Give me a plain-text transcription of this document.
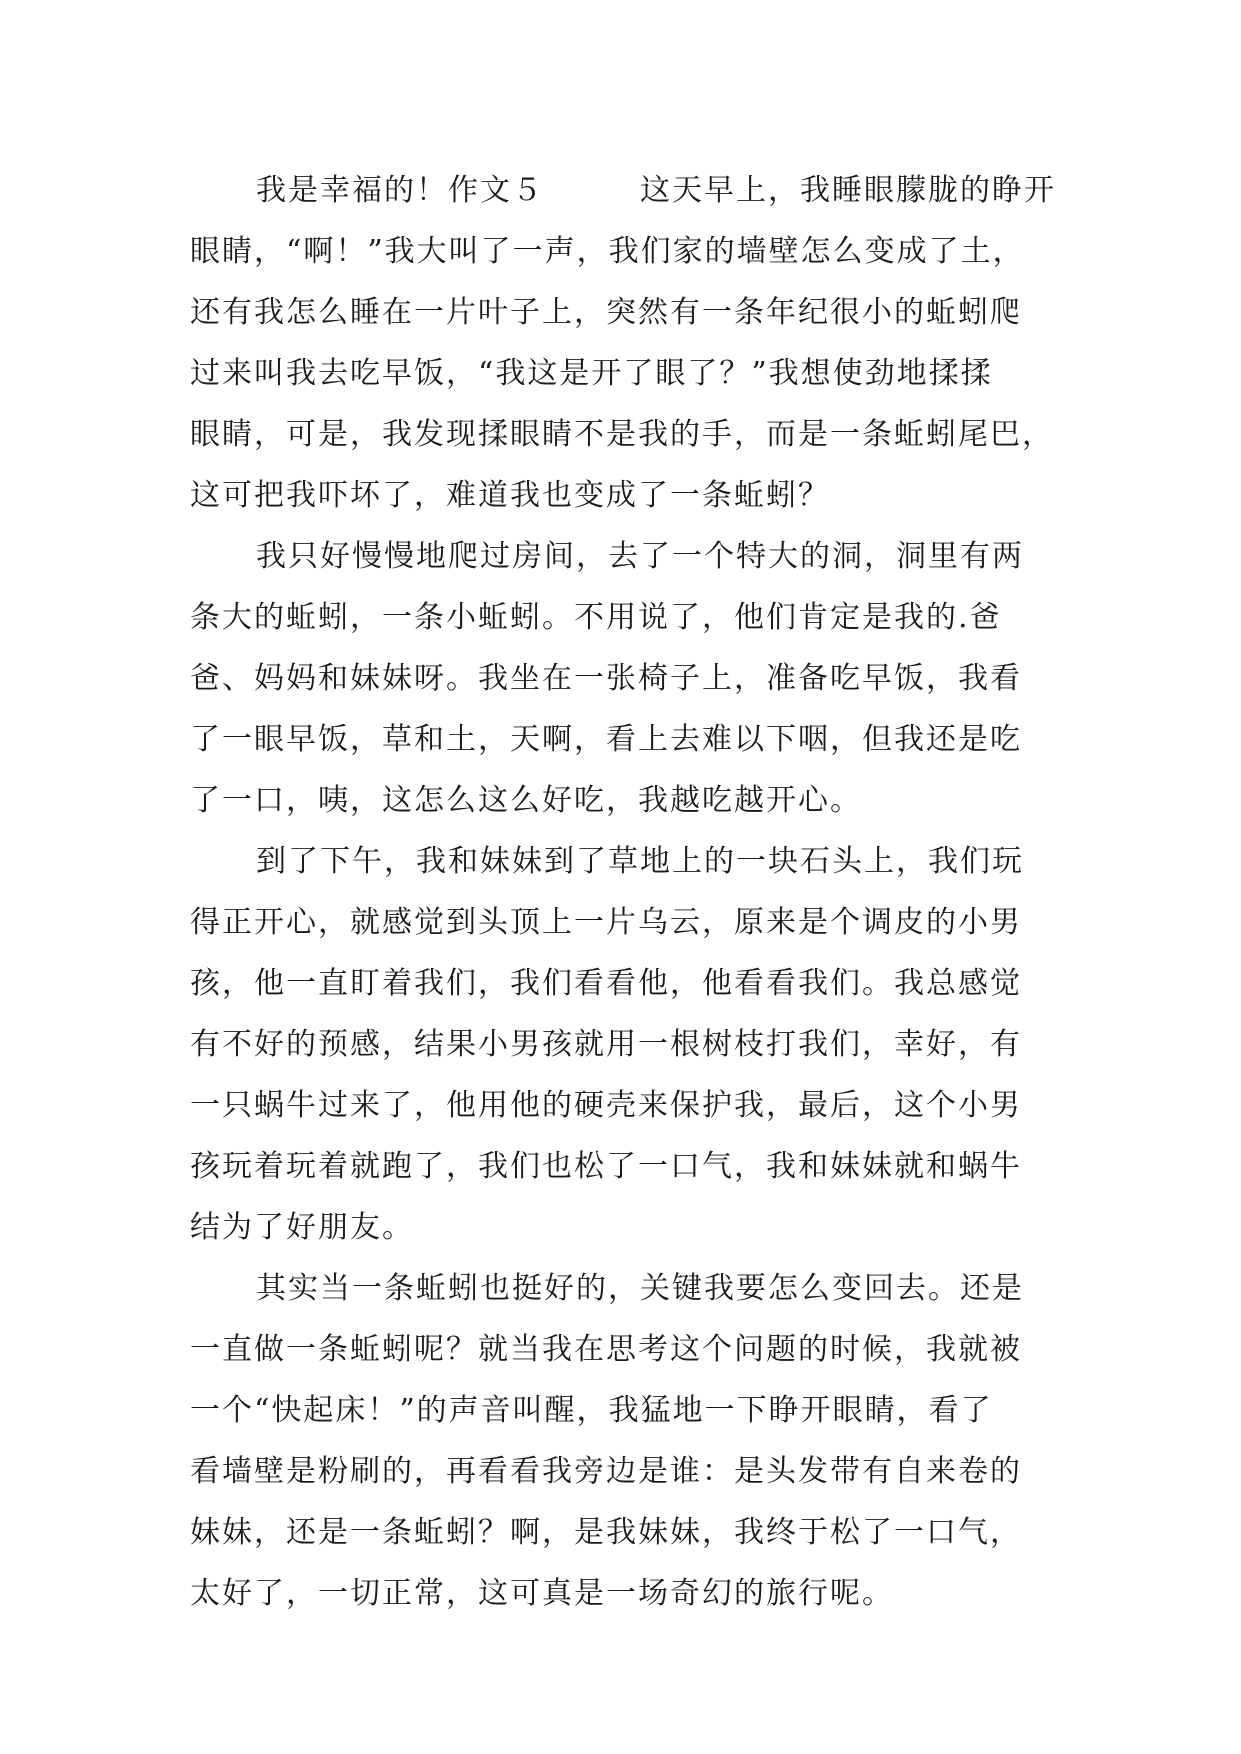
我是幸福的！作文５　　　这天早上，我睡眼朦胧的睁开
眼睛，“啊！”我大叫了一声，我们家的墙壁怎么变成了土，
还有我怎么睡在一片叶子上，突然有一条年纪很小的蚯蚓爬
过来叫我去吃早饭，“我这是开了眼了？”我想使劲地揉揉
眼睛，可是，我发现揉眼睛不是我的手，而是一条蚯蚓尾巴，
这可把我吓坏了，难道我也变成了一条蚯蚓？
我只好慢慢地爬过房间，去了一个特大的洞，洞里有两
条大的蚯蚓，一条小蚯蚓。不用说了，他们肯定是我的.爸
爸、妈妈和妹妹呀。我坐在一张椅子上，准备吃早饭，我看
了一眼早饭，草和土，天啊，看上去难以下咽，但我还是吃
了一口，咦，这怎么这么好吃，我越吃越开心。
到了下午，我和妹妹到了草地上的一块石头上，我们玩
得正开心，就感觉到头顶上一片乌云，原来是个调皮的小男
孩，他一直盯着我们，我们看看他，他看看我们。我总感觉
有不好的预感，结果小男孩就用一根树枝打我们，幸好，有
一只蜗牛过来了，他用他的硬壳来保护我，最后，这个小男
孩玩着玩着就跑了，我们也松了一口气，我和妹妹就和蜗牛
结为了好朋友。
其实当一条蚯蚓也挺好的，关键我要怎么变回去。还是
一直做一条蚯蚓呢？就当我在思考这个问题的时候，我就被
一个“快起床！”的声音叫醒，我猛地一下睁开眼睛，看了
看墙壁是粉刷的，再看看我旁边是谁：是头发带有自来卷的
妹妹，还是一条蚯蚓？啊，是我妹妹，我终于松了一口气，
太好了，一切正常，这可真是一场奇幻的旅行呢。
